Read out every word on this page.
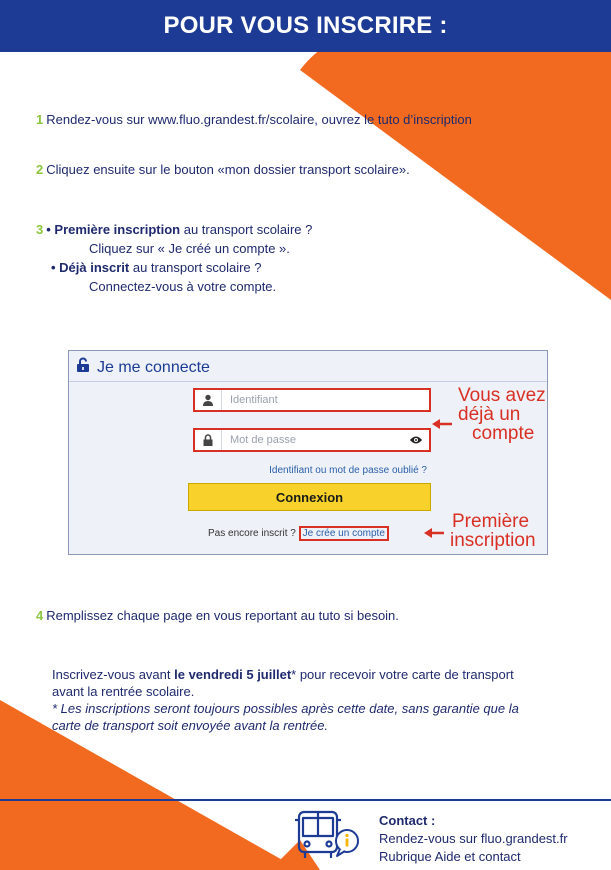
POUR VOUS INSCRIRE :
1 Rendez-vous sur www.fluo.grandest.fr/scolaire, ouvrez le tuto d’inscription
2 Cliquez ensuite sur le bouton «mon dossier transport scolaire».
3 • Première inscription au transport scolaire ?
Cliquez sur « Je créé un compte ».
• Déjà inscrit au transport scolaire ?
Connectez-vous à votre compte.
Je me connecte
Identifiant
Mot de passe
Identifiant ou mot de passe oublié ?
Connexion
Pas encore inscrit ? Je crée un compte
Vous avez
déjà un
compte
Première
inscription
4 Remplissez chaque page en vous reportant au tuto si besoin.
Inscrivez-vous avant le vendredi 5 juillet* pour recevoir votre carte de transport
avant la rentrée scolaire.
* Les inscriptions seront toujours possibles après cette date, sans garantie que la
carte de transport soit envoyée avant la rentrée.
Contact :
Rendez-vous sur fluo.grandest.fr
Rubrique Aide et contact
